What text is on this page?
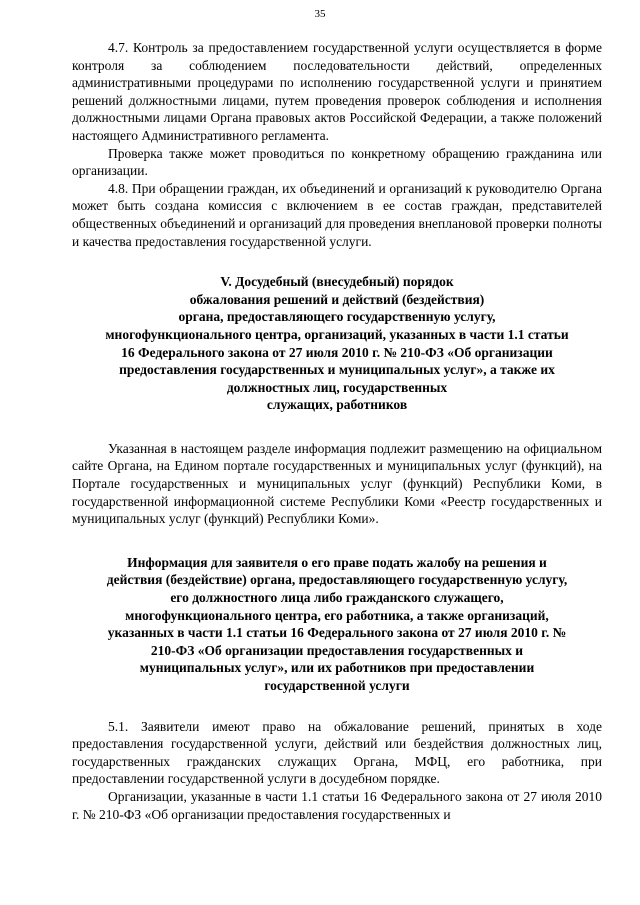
35

4.7. Контроль за предоставлением государственной услуги осуществляется в форме контроля за соблюдением последовательности действий, определенных административными процедурами по исполнению государственной услуги и принятием решений должностными лицами, путем проведения проверок соблюдения и исполнения должностными лицами Органа правовых актов Российской Федерации, а также положений настоящего Административного регламента.

Проверка также может проводиться по конкретному обращению гражданина или организации.

4.8. При обращении граждан, их объединений и организаций к руководителю Органа может быть создана комиссия с включением в ее состав граждан, представителей общественных объединений и организаций для проведения внеплановой проверки полноты и качества предоставления государственной услуги.

V. Досудебный (внесудебный) порядок
обжалования решений и действий (бездействия)
органа, предоставляющего государственную услугу,
многофункционального центра, организаций, указанных в части 1.1 статьи
16 Федерального закона от 27 июля 2010 г. № 210-ФЗ «Об организации
предоставления государственных и муниципальных услуг», а также их
должностных лиц, государственных
служащих, работников

Указанная в настоящем разделе информация подлежит размещению на официальном сайте Органа, на Едином портале государственных и муниципальных услуг (функций), на Портале государственных и муниципальных услуг (функций) Республики Коми, в государственной информационной системе Республики Коми «Реестр государственных и муниципальных услуг (функций) Республики Коми».

Информация для заявителя о его праве подать жалобу на решения и
действия (бездействие) органа, предоставляющего государственную услугу,
его должностного лица либо гражданского служащего,
многофункционального центра, его работника, а также организаций,
указанных в части 1.1 статьи 16 Федерального закона от 27 июля 2010 г. №
210-ФЗ «Об организации предоставления государственных и
муниципальных услуг», или их работников при предоставлении
государственной услуги

5.1. Заявители имеют право на обжалование решений, принятых в ходе предоставления государственной услуги, действий или бездействия должностных лиц, государственных гражданских служащих Органа, МФЦ, его работника, при предоставлении государственной услуги в досудебном порядке.

Организации, указанные в части 1.1 статьи 16 Федерального закона от 27 июля 2010 г. № 210-ФЗ «Об организации предоставления государственных и
